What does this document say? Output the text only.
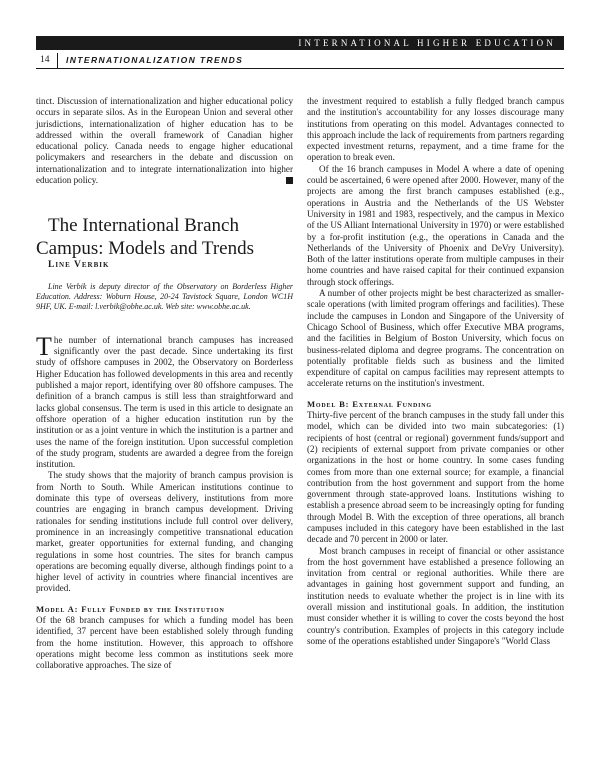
INTERNATIONAL HIGHER EDUCATION
14	INTERNATIONALIZATION TRENDS

tinct. Discussion of internationalization and higher educational policy occurs in separate silos. As in the European Union and several other jurisdictions, internationalization of higher education has to be addressed within the overall framework of Canadian higher educational policy. Canada needs to engage higher educational policymakers and researchers in the debate and discussion on internationalization and to integrate internationalization into higher education policy.

The International Branch
Campus: Models and Trends

Line Verbik

Line Verbik is deputy director of the Observatory on Borderless Higher Education. Address: Woburn House, 20-24 Tavistock Square, London WC1H 9HF, UK. E-mail: l.verbik@obhe.ac.uk. Web site: www.obhe.ac.uk.

The number of international branch campuses has increased significantly over the past decade. Since undertaking its first study of offshore campuses in 2002, the Observatory on Borderless Higher Education has followed developments in this area and recently published a major report, identifying over 80 offshore campuses. The definition of a branch campus is still less than straightforward and lacks global consensus. The term is used in this article to designate an offshore operation of a higher education institution run by the institution or as a joint venture in which the institution is a partner and uses the name of the foreign institution. Upon successful completion of the study program, students are awarded a degree from the foreign institution.

The study shows that the majority of branch campus provision is from North to South. While American institutions continue to dominate this type of overseas delivery, institutions from more countries are engaging in branch campus development. Driving rationales for sending institutions include full control over delivery, prominence in an increasingly competitive transnational education market, greater opportunities for external funding, and changing regulations in some host countries. The sites for branch campus operations are becoming equally diverse, although findings point to a higher level of activity in countries where financial incentives are provided.

Model A: Fully Funded by the Institution

Of the 68 branch campuses for which a funding model has been identified, 37 percent have been established solely through funding from the home institution. However, this approach to offshore operations might become less common as institutions seek more collaborative approaches. The size of

the investment required to establish a fully fledged branch campus and the institution's accountability for any losses discourage many institutions from operating on this model. Advantages connected to this approach include the lack of requirements from partners regarding expected investment returns, repayment, and a time frame for the operation to break even.

Of the 16 branch campuses in Model A where a date of opening could be ascertained, 6 were opened after 2000. However, many of the projects are among the first branch campuses established (e.g., operations in Austria and the Netherlands of the US Webster University in 1981 and 1983, respectively, and the campus in Mexico of the US Alliant International University in 1970) or were established by a for-profit institution (e.g., the operations in Canada and the Netherlands of the University of Phoenix and DeVry University). Both of the latter institutions operate from multiple campuses in their home countries and have raised capital for their continued expansion through stock offerings.

A number of other projects might be best characterized as smaller-scale operations (with limited program offerings and facilities). These include the campuses in London and Singapore of the University of Chicago School of Business, which offer Executive MBA programs, and the facilities in Belgium of Boston University, which focus on business-related diploma and degree programs. The concentration on potentially profitable fields such as business and the limited expenditure of capital on campus facilities may represent attempts to accelerate returns on the institution's investment.

Model B: External Funding

Thirty-five percent of the branch campuses in the study fall under this model, which can be divided into two main subcategories: (1) recipients of host (central or regional) government funds/support and (2) recipients of external support from private companies or other organizations in the host or home country. In some cases funding comes from more than one external source; for example, a financial contribution from the host government and support from the home government through state-approved loans. Institutions wishing to establish a presence abroad seem to be increasingly opting for funding through Model B. With the exception of three operations, all branch campuses included in this category have been established in the last decade and 70 percent in 2000 or later.

Most branch campuses in receipt of financial or other assistance from the host government have established a presence following an invitation from central or regional authorities. While there are advantages in gaining host government support and funding, an institution needs to evaluate whether the project is in line with its overall mission and institutional goals. In addition, the institution must consider whether it is willing to cover the costs beyond the host country's contribution. Examples of projects in this category include some of the operations established under Singapore's "World Class
